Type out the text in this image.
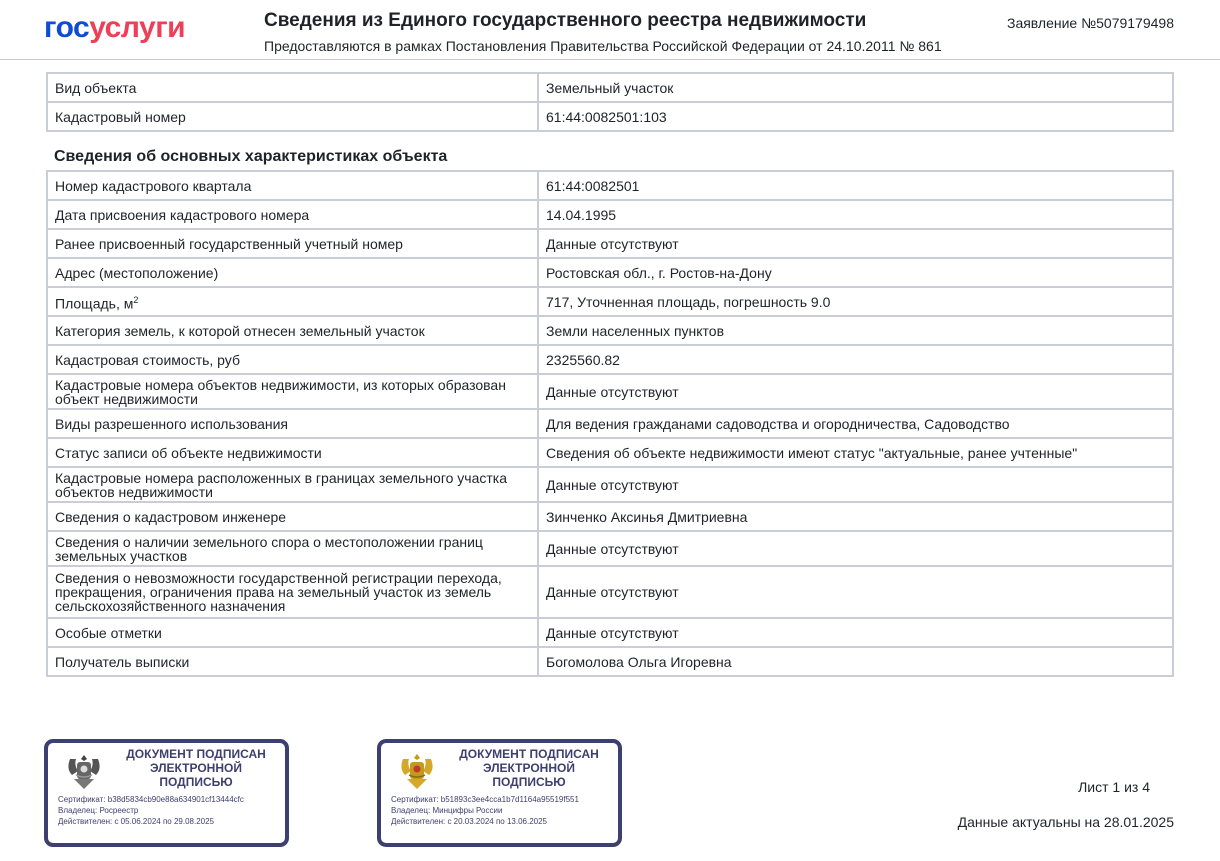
госуслуги	Сведения из Единого государственного реестра недвижимости
Предоставляются в рамках Постановления Правительства Российской Федерации от 24.10.2011 № 861
Заявление №5079179498
Вид объекта	Земельный участок
Кадастровый номер	61:44:0082501:103
Сведения об основных характеристиках объекта
Номер кадастрового квартала	61:44:0082501
Дата присвоения кадастрового номера	14.04.1995
Ранее присвоенный государственный учетный номер	Данные отсутствуют
Адрес (местоположение)	Ростовская обл., г. Ростов-на-Дону
Площадь, $м^2$	717, Уточненная площадь, погрешность 9.0
Категория земель, к которой отнесен земельный участок	Земли населенных пунктов
Кадастровая стоимость, руб	2325560.82
Кадастровые номера объектов недвижимости, из которых образован объект недвижимости	Данные отсутствуют
Виды разрешенного использования	Для ведения гражданами садоводства и огородничества, Садоводство
Статус записи об объекте недвижимости	Сведения об объекте недвижимости имеют статус "актуальные, ранее учтенные"
Кадастровые номера расположенных в границах земельного участка объектов недвижимости	Данные отсутствуют
Сведения о кадастровом инженере	Зинченко Аксинья Дмитриевна
Сведения о наличии земельного спора о местоположении границ земельных участков	Данные отсутствуют
Сведения о невозможности государственной регистрации перехода, прекращения, ограничения права на земельный участок из земель сельскохозяйственного назначения	Данные отсутствуют
Особые отметки	Данные отсутствуют
Получатель выписки	Богомолова Ольга Игоревна
ДОКУМЕНТ ПОДПИСАН ЭЛЕКТРОННОЙ ПОДПИСЬЮ
Сертификат: b38d5834cb90e88a634901cf13444cfc
Владелец: Росреестр
Действителен: с 05.06.2024 по 29.08.2025
ДОКУМЕНТ ПОДПИСАН ЭЛЕКТРОННОЙ ПОДПИСЬЮ
Сертификат: b51893c3ee4cca1b7d1164a95519f551
Владелец: Минцифры России
Действителен: с 20.03.2024 по 13.06.2025
Лист 1 из 4
Данные актуальны на 28.01.2025
